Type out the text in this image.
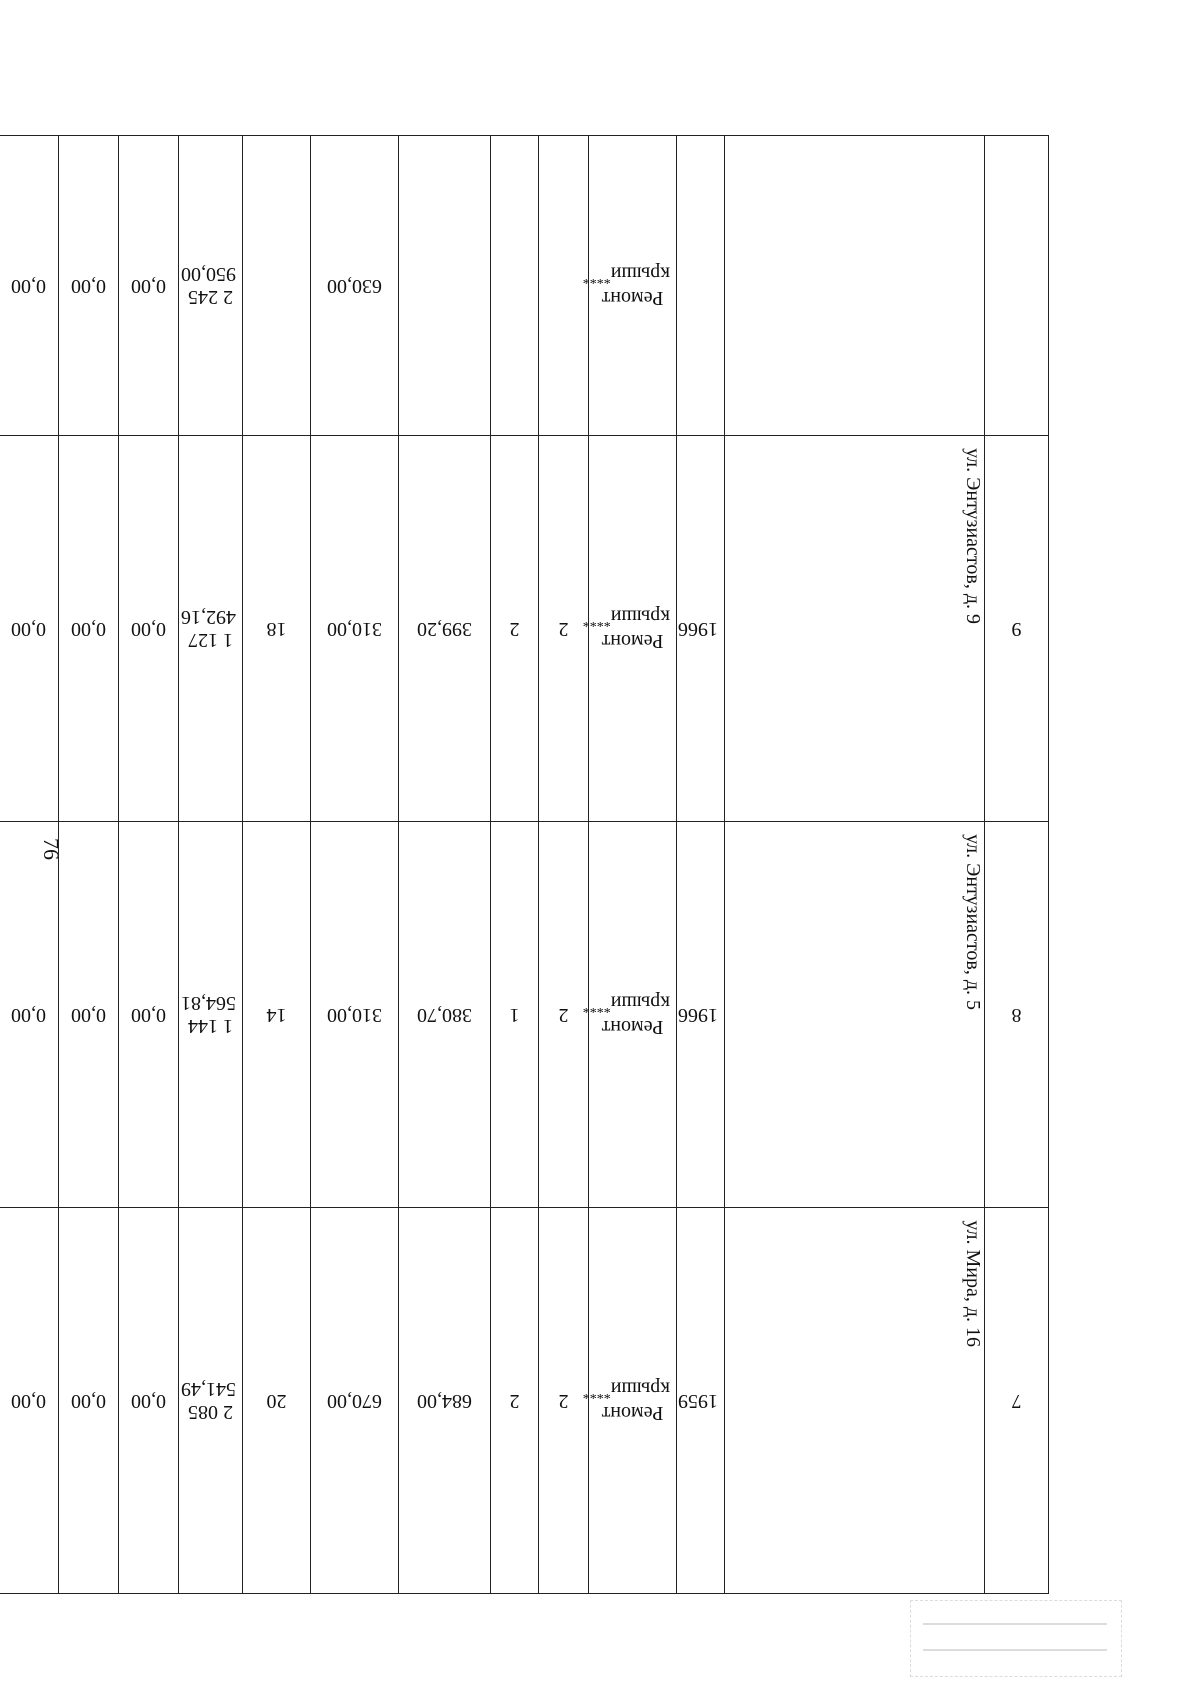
76
7	ул. Мира, д. 16	1959	Ремонт крыши****	2	2	684,00	670,00	20	2 085 541,49	0,00	0,00	0,00				
8	ул. Энтузиастов, д. 5	1966	Ремонт крыши****	2	1	380,70	310,00	14	1 144 564,81	0,00	0,00	0,00				
9	ул. Энтузиастов, д. 9	1966	Ремонт крыши****	2	2	399,20	310,00	18	1 127 492,16	0,00	0,00	0,00				
			Ремонт крыши****				630,00		2 245 950,00	0,00	0,00	0,00				
